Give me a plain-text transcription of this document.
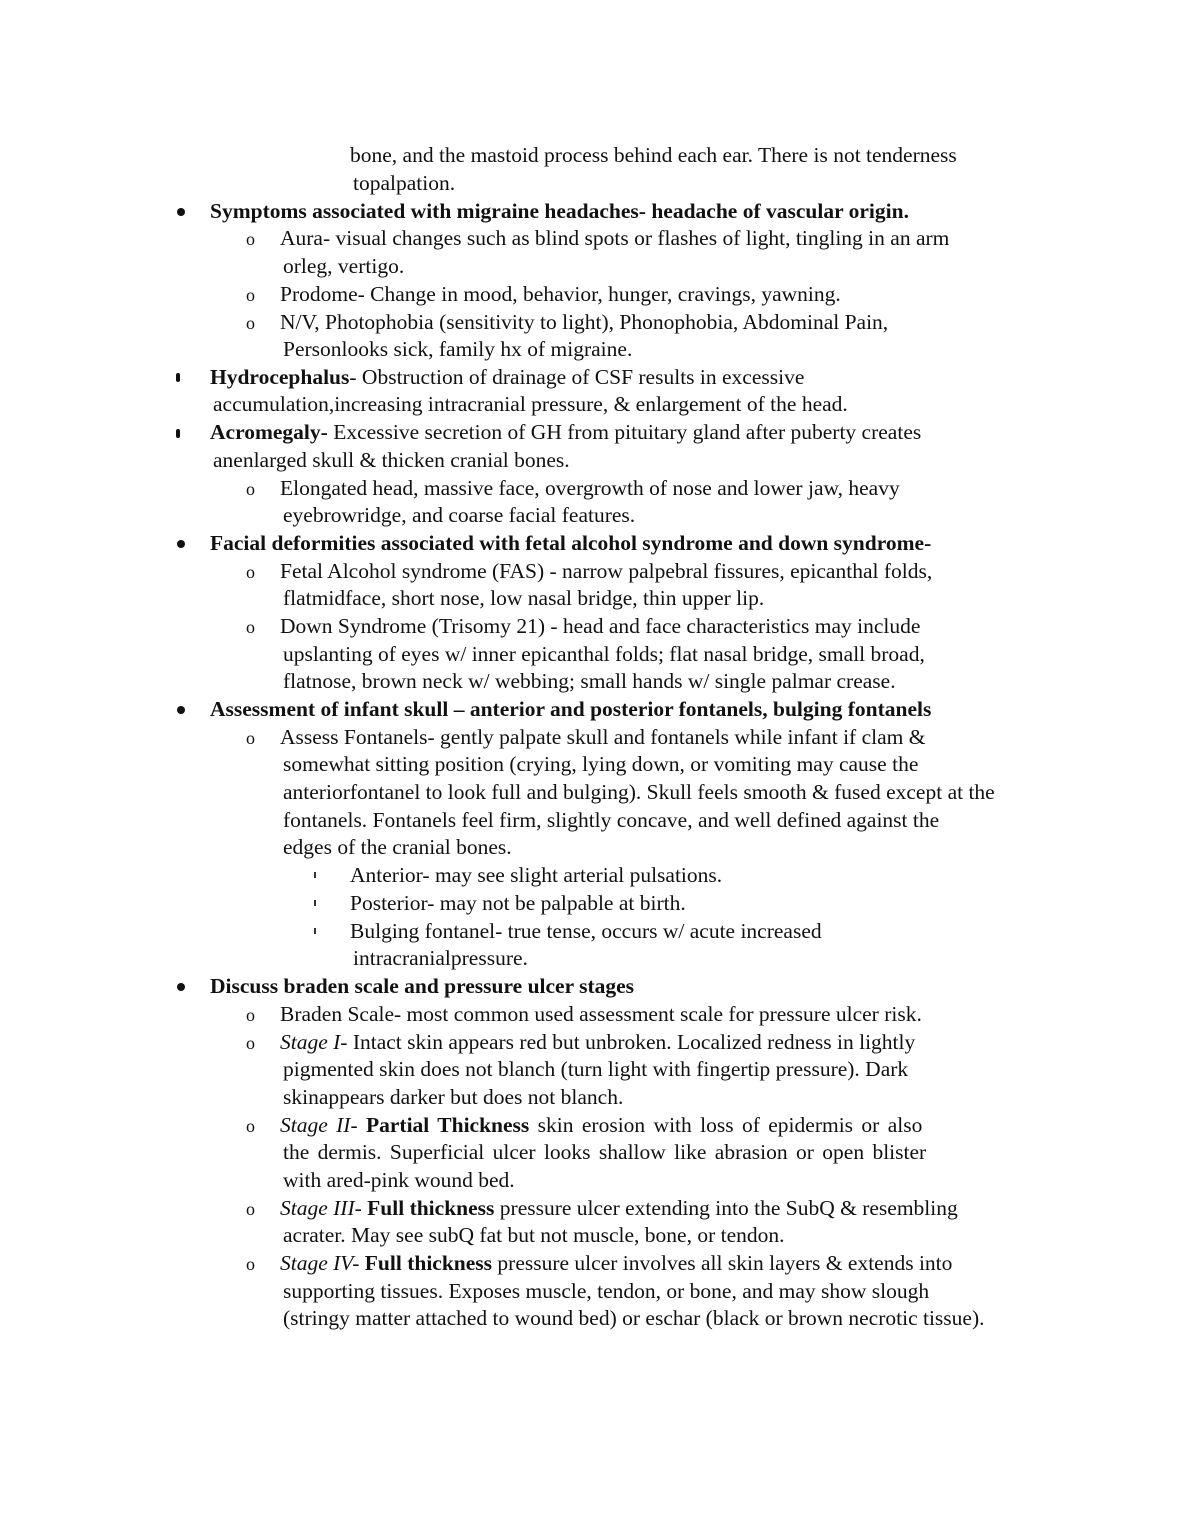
bone, and the mastoid process behind each ear. There is not tenderness
topalpation.
Symptoms associated with migraine headaches- headache of vascular origin.
o Aura- visual changes such as blind spots or flashes of light, tingling in an arm
orleg, vertigo.
o Prodome- Change in mood, behavior, hunger, cravings, yawning.
o N/V, Photophobia (sensitivity to light), Phonophobia, Abdominal Pain,
Personlooks sick, family hx of migraine.
Hydrocephalus- Obstruction of drainage of CSF results in excessive
accumulation,increasing intracranial pressure, & enlargement of the head.
Acromegaly- Excessive secretion of GH from pituitary gland after puberty creates
anenlarged skull & thicken cranial bones.
o Elongated head, massive face, overgrowth of nose and lower jaw, heavy
eyebrowridge, and coarse facial features.
Facial deformities associated with fetal alcohol syndrome and down syndrome-
o Fetal Alcohol syndrome (FAS) - narrow palpebral fissures, epicanthal folds,
flatmidface, short nose, low nasal bridge, thin upper lip.
o Down Syndrome (Trisomy 21) - head and face characteristics may include
upslanting of eyes w/ inner epicanthal folds; flat nasal bridge, small broad,
flatnose, brown neck w/ webbing; small hands w/ single palmar crease.
Assessment of infant skull – anterior and posterior fontanels, bulging fontanels
o Assess Fontanels- gently palpate skull and fontanels while infant if clam &
somewhat sitting position (crying, lying down, or vomiting may cause the
anteriorfontanel to look full and bulging). Skull feels smooth & fused except at the
fontanels. Fontanels feel firm, slightly concave, and well defined against the
edges of the cranial bones.
Anterior- may see slight arterial pulsations.
Posterior- may not be palpable at birth.
Bulging fontanel- true tense, occurs w/ acute increased
intracranialpressure.
Discuss braden scale and pressure ulcer stages
o Braden Scale- most common used assessment scale for pressure ulcer risk.
o Stage I- Intact skin appears red but unbroken. Localized redness in lightly
pigmented skin does not blanch (turn light with fingertip pressure). Dark
skinappears darker but does not blanch.
o Stage II- Partial Thickness skin erosion with loss of epidermis or also
the dermis. Superficial ulcer looks shallow like abrasion or open blister
with ared-pink wound bed.
o Stage III- Full thickness pressure ulcer extending into the SubQ & resembling
acrater. May see subQ fat but not muscle, bone, or tendon.
o Stage IV- Full thickness pressure ulcer involves all skin layers & extends into
supporting tissues. Exposes muscle, tendon, or bone, and may show slough
(stringy matter attached to wound bed) or eschar (black or brown necrotic tissue).
